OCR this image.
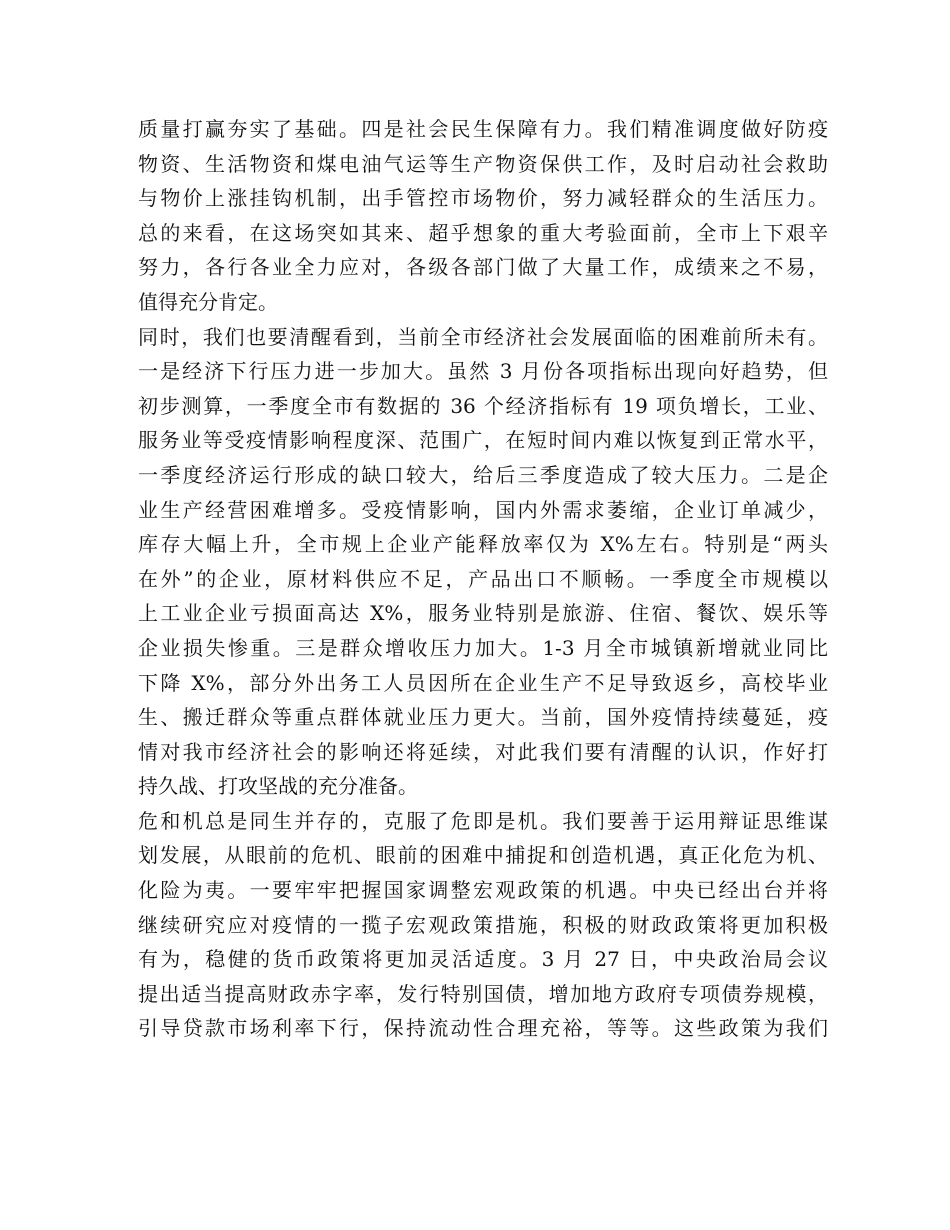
质量打赢夯实了基础。四是社会民生保障有力。我们精准调度做好防疫
物资、生活物资和煤电油气运等生产物资保供工作，及时启动社会救助
与物价上涨挂钩机制，出手管控市场物价，努力减轻群众的生活压力。
总的来看，在这场突如其来、超乎想象的重大考验面前，全市上下艰辛
努力，各行各业全力应对，各级各部门做了大量工作，成绩来之不易，
值得充分肯定。
同时，我们也要清醒看到，当前全市经济社会发展面临的困难前所未有。
一是经济下行压力进一步加大。虽然 3 月份各项指标出现向好趋势，但
初步测算，一季度全市有数据的 36 个经济指标有 19 项负增长，工业、
服务业等受疫情影响程度深、范围广，在短时间内难以恢复到正常水平，
一季度经济运行形成的缺口较大，给后三季度造成了较大压力。二是企
业生产经营困难增多。受疫情影响，国内外需求萎缩，企业订单减少，
库存大幅上升，全市规上企业产能释放率仅为 X%左右。特别是“两头
在外”的企业，原材料供应不足，产品出口不顺畅。一季度全市规模以
上工业企业亏损面高达 X%，服务业特别是旅游、住宿、餐饮、娱乐等
企业损失惨重。三是群众增收压力加大。1-3 月全市城镇新增就业同比
下降 X%，部分外出务工人员因所在企业生产不足导致返乡，高校毕业
生、搬迁群众等重点群体就业压力更大。当前，国外疫情持续蔓延，疫
情对我市经济社会的影响还将延续，对此我们要有清醒的认识，作好打
持久战、打攻坚战的充分准备。
危和机总是同生并存的，克服了危即是机。我们要善于运用辩证思维谋
划发展，从眼前的危机、眼前的困难中捕捉和创造机遇，真正化危为机、
化险为夷。一要牢牢把握国家调整宏观政策的机遇。中央已经出台并将
继续研究应对疫情的一揽子宏观政策措施，积极的财政政策将更加积极
有为，稳健的货币政策将更加灵活适度。3 月 27 日，中央政治局会议
提出适当提高财政赤字率，发行特别国债，增加地方政府专项债券规模，
引导贷款市场利率下行，保持流动性合理充裕，等等。这些政策为我们
